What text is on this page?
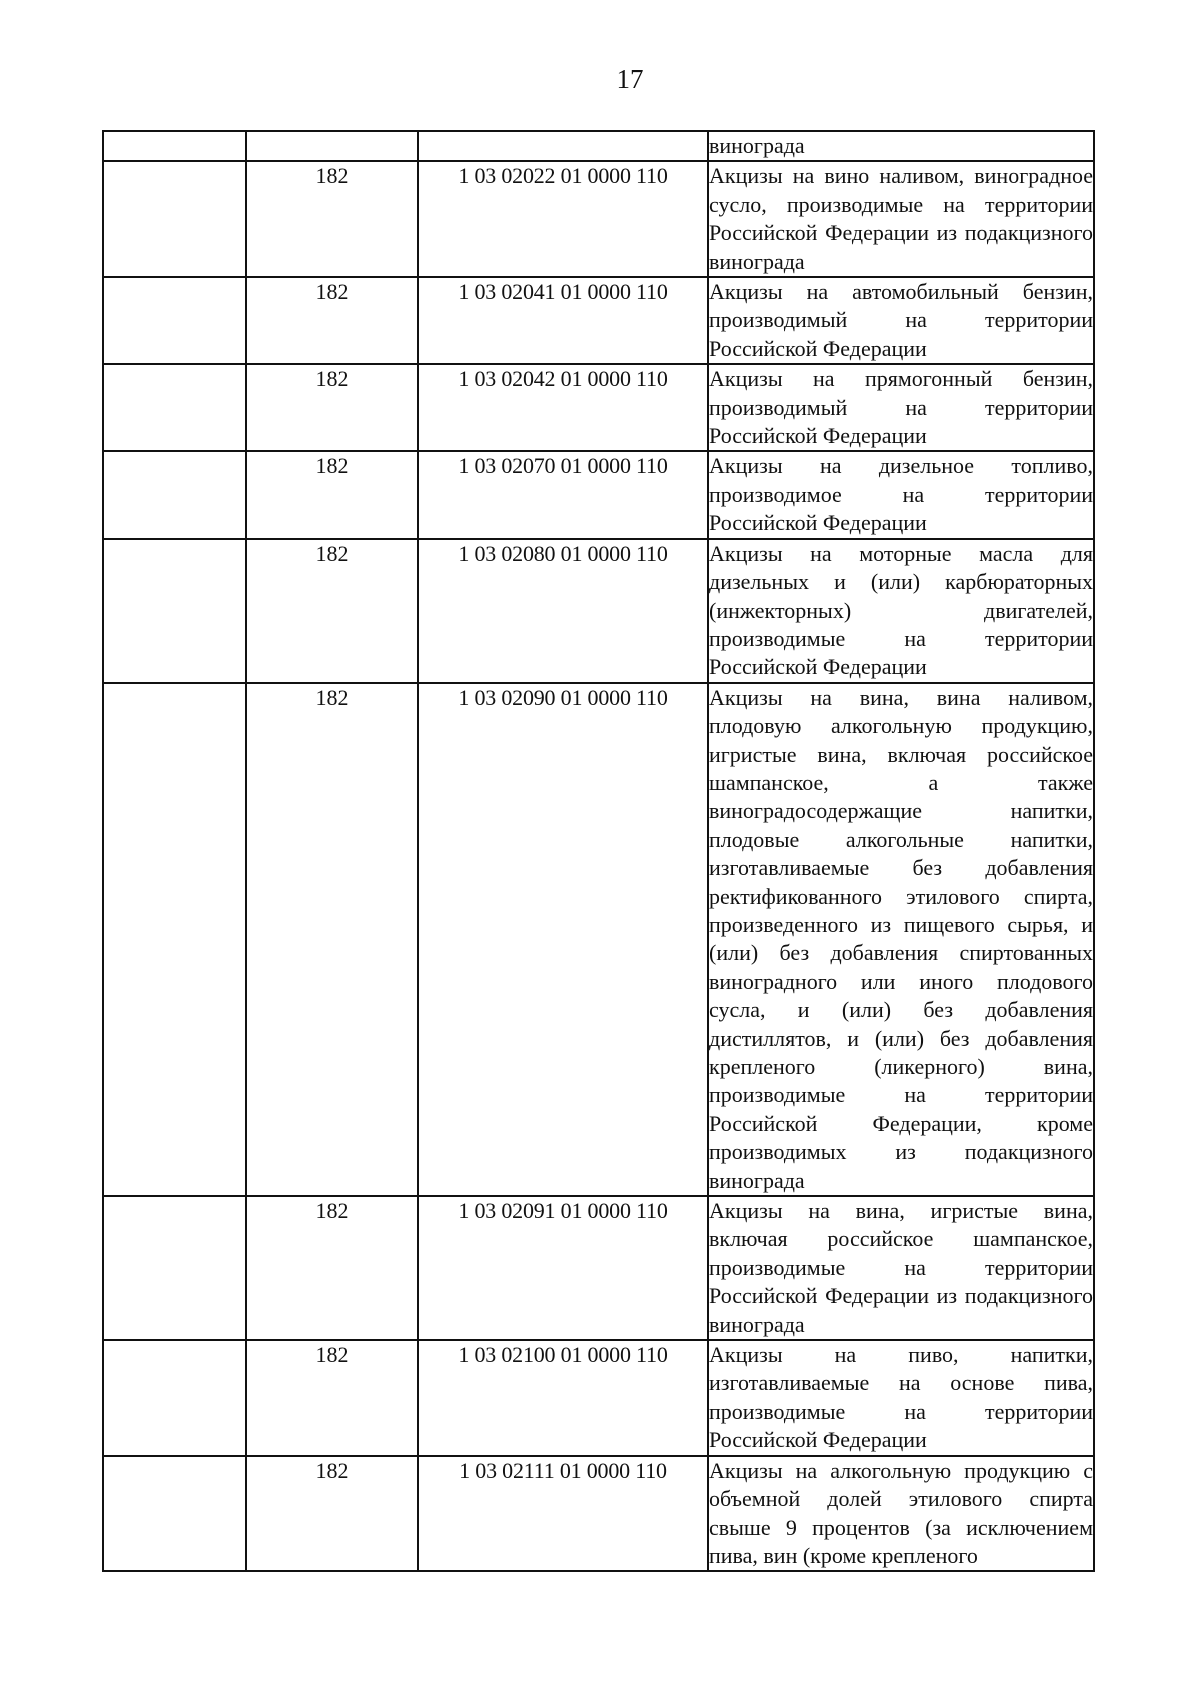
17
			винограда
	182	1 03 02022 01 0000 110	Акцизы на вино наливом, виноградное сусло, производимые на территории Российской Федерации из подакцизного винограда
	182	1 03 02041 01 0000 110	Акцизы на автомобильный бензин, производимый на территории Российской Федерации
	182	1 03 02042 01 0000 110	Акцизы на прямогонный бензин, производимый на территории Российской Федерации
	182	1 03 02070 01 0000 110	Акцизы на дизельное топливо, производимое на территории Российской Федерации
	182	1 03 02080 01 0000 110	Акцизы на моторные масла для дизельных и (или) карбюраторных (инжекторных) двигателей, производимые на территории Российской Федерации
	182	1 03 02090 01 0000 110	Акцизы на вина, вина наливом, плодовую алкогольную продукцию, игристые вина, включая российское шампанское, а также виноградосодержащие напитки, плодовые алкогольные напитки, изготавливаемые без добавления ректификованного этилового спирта, произведенного из пищевого сырья, и (или) без добавления спиртованных виноградного или иного плодового сусла, и (или) без добавления дистиллятов, и (или) без добавления крепленого (ликерного) вина, производимые на территории Российской Федерации, кроме производимых из подакцизного винограда
	182	1 03 02091 01 0000 110	Акцизы на вина, игристые вина, включая российское шампанское, производимые на территории Российской Федерации из подакцизного винограда
	182	1 03 02100 01 0000 110	Акцизы на пиво, напитки, изготавливаемые на основе пива, производимые на территории Российской Федерации
	182	1 03 02111 01 0000 110	Акцизы на алкогольную продукцию с объемной долей этилового спирта свыше 9 процентов (за исключением пива, вин (кроме крепленого
